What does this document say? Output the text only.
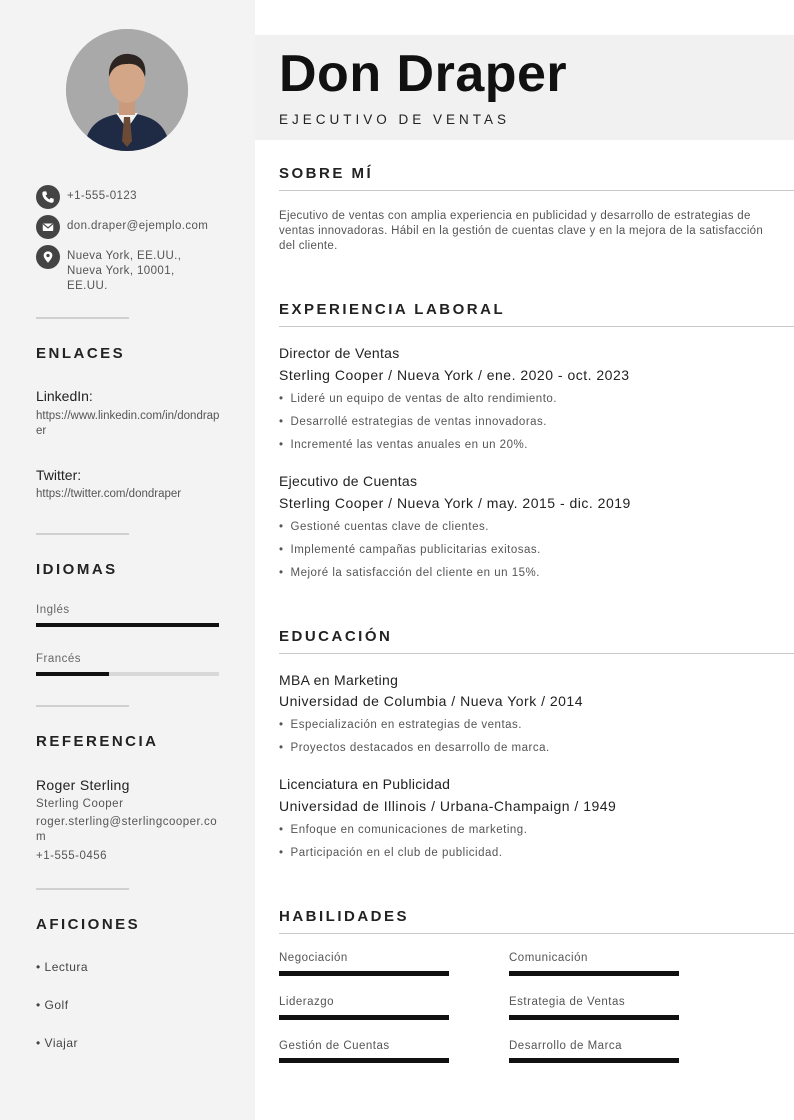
+1-555-0123
don.draper@ejemplo.com
Nueva York, EE.UU., Nueva York, 10001, EE.UU.
ENLACES
LinkedIn:
https://www.linkedin.com/in/dondraper
Twitter:
https://twitter.com/dondraper
IDIOMAS
Inglés
Francés
REFERENCIA
Roger Sterling
Sterling Cooper
roger.sterling@sterlingcooper.com
+1-555-0456
AFICIONES
• Lectura
• Golf
• Viajar
Don Draper
EJECUTIVO DE VENTAS
SOBRE MÍ
Ejecutivo de ventas con amplia experiencia en publicidad y desarrollo de estrategias de ventas innovadoras. Hábil en la gestión de cuentas clave y en la mejora de la satisfacción del cliente.
EXPERIENCIA LABORAL
Director de Ventas
Sterling Cooper / Nueva York / ene. 2020 - oct. 2023
• Lideré un equipo de ventas de alto rendimiento.
• Desarrollé estrategias de ventas innovadoras.
• Incrementé las ventas anuales en un 20%.
Ejecutivo de Cuentas
Sterling Cooper / Nueva York / may. 2015 - dic. 2019
• Gestioné cuentas clave de clientes.
• Implementé campañas publicitarias exitosas.
• Mejoré la satisfacción del cliente en un 15%.
EDUCACIÓN
MBA en Marketing
Universidad de Columbia / Nueva York / 2014
• Especialización en estrategias de ventas.
• Proyectos destacados en desarrollo de marca.
Licenciatura en Publicidad
Universidad de Illinois / Urbana-Champaign / 1949
• Enfoque en comunicaciones de marketing.
• Participación en el club de publicidad.
HABILIDADES
Negociación	Comunicación
Liderazgo	Estrategia de Ventas
Gestión de Cuentas	Desarrollo de Marca
